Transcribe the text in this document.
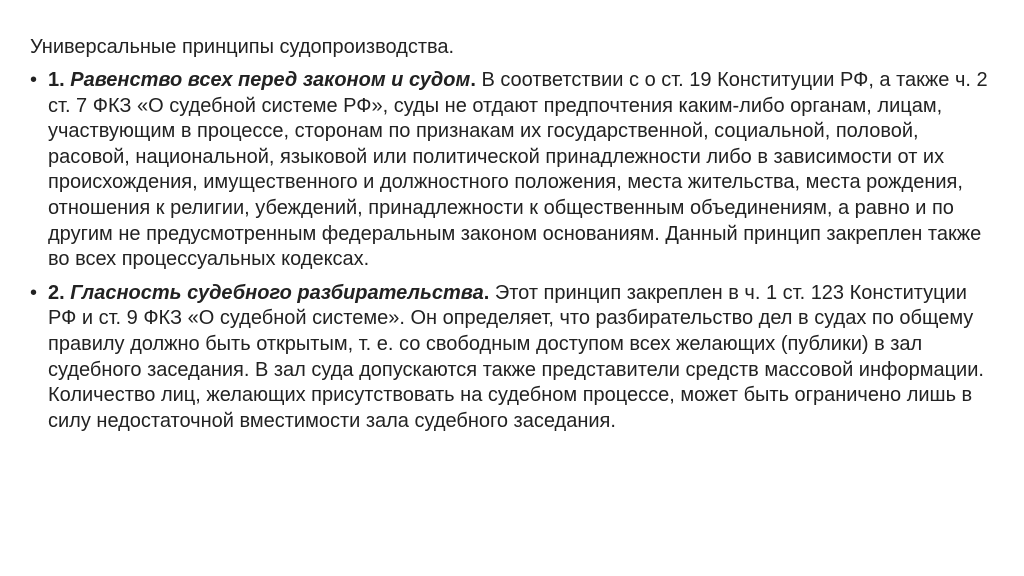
Универсальные принципы судопроизводства.
• 1. Равенство всех перед законом и судом. В соответствии с о ст. 19 Конституции РФ, а также ч. 2 ст. 7 ФКЗ «О судебной системе РФ», суды не отдают предпочтения каким-либо органам, лицам, участвующим в процессе, сторонам по признакам их государственной, социальной, половой, расовой, национальной, языковой или политической принадлежности либо в зависимости от их происхождения, имущественного и должностного положения, места жительства, места рождения, отношения к религии, убеждений, принадлежности к общественным объединениям, а равно и по другим не предусмотренным федеральным законом основаниям. Данный принцип закреплен также во всех процессуальных кодексах.
• 2. Гласность судебного разбирательства. Этот принцип закреплен в ч. 1 ст. 123 Конституции РФ и ст. 9 ФКЗ «О судебной системе». Он определяет, что разбирательство дел в судах по общему правилу должно быть открытым, т. е. со свободным доступом всех желающих (публики) в зал судебного заседания. В зал суда допускаются также представители средств массовой информации. Количество лиц, желающих присутствовать на судебном процессе, может быть ограничено лишь в силу недостаточной вместимости зала судебного заседания.
